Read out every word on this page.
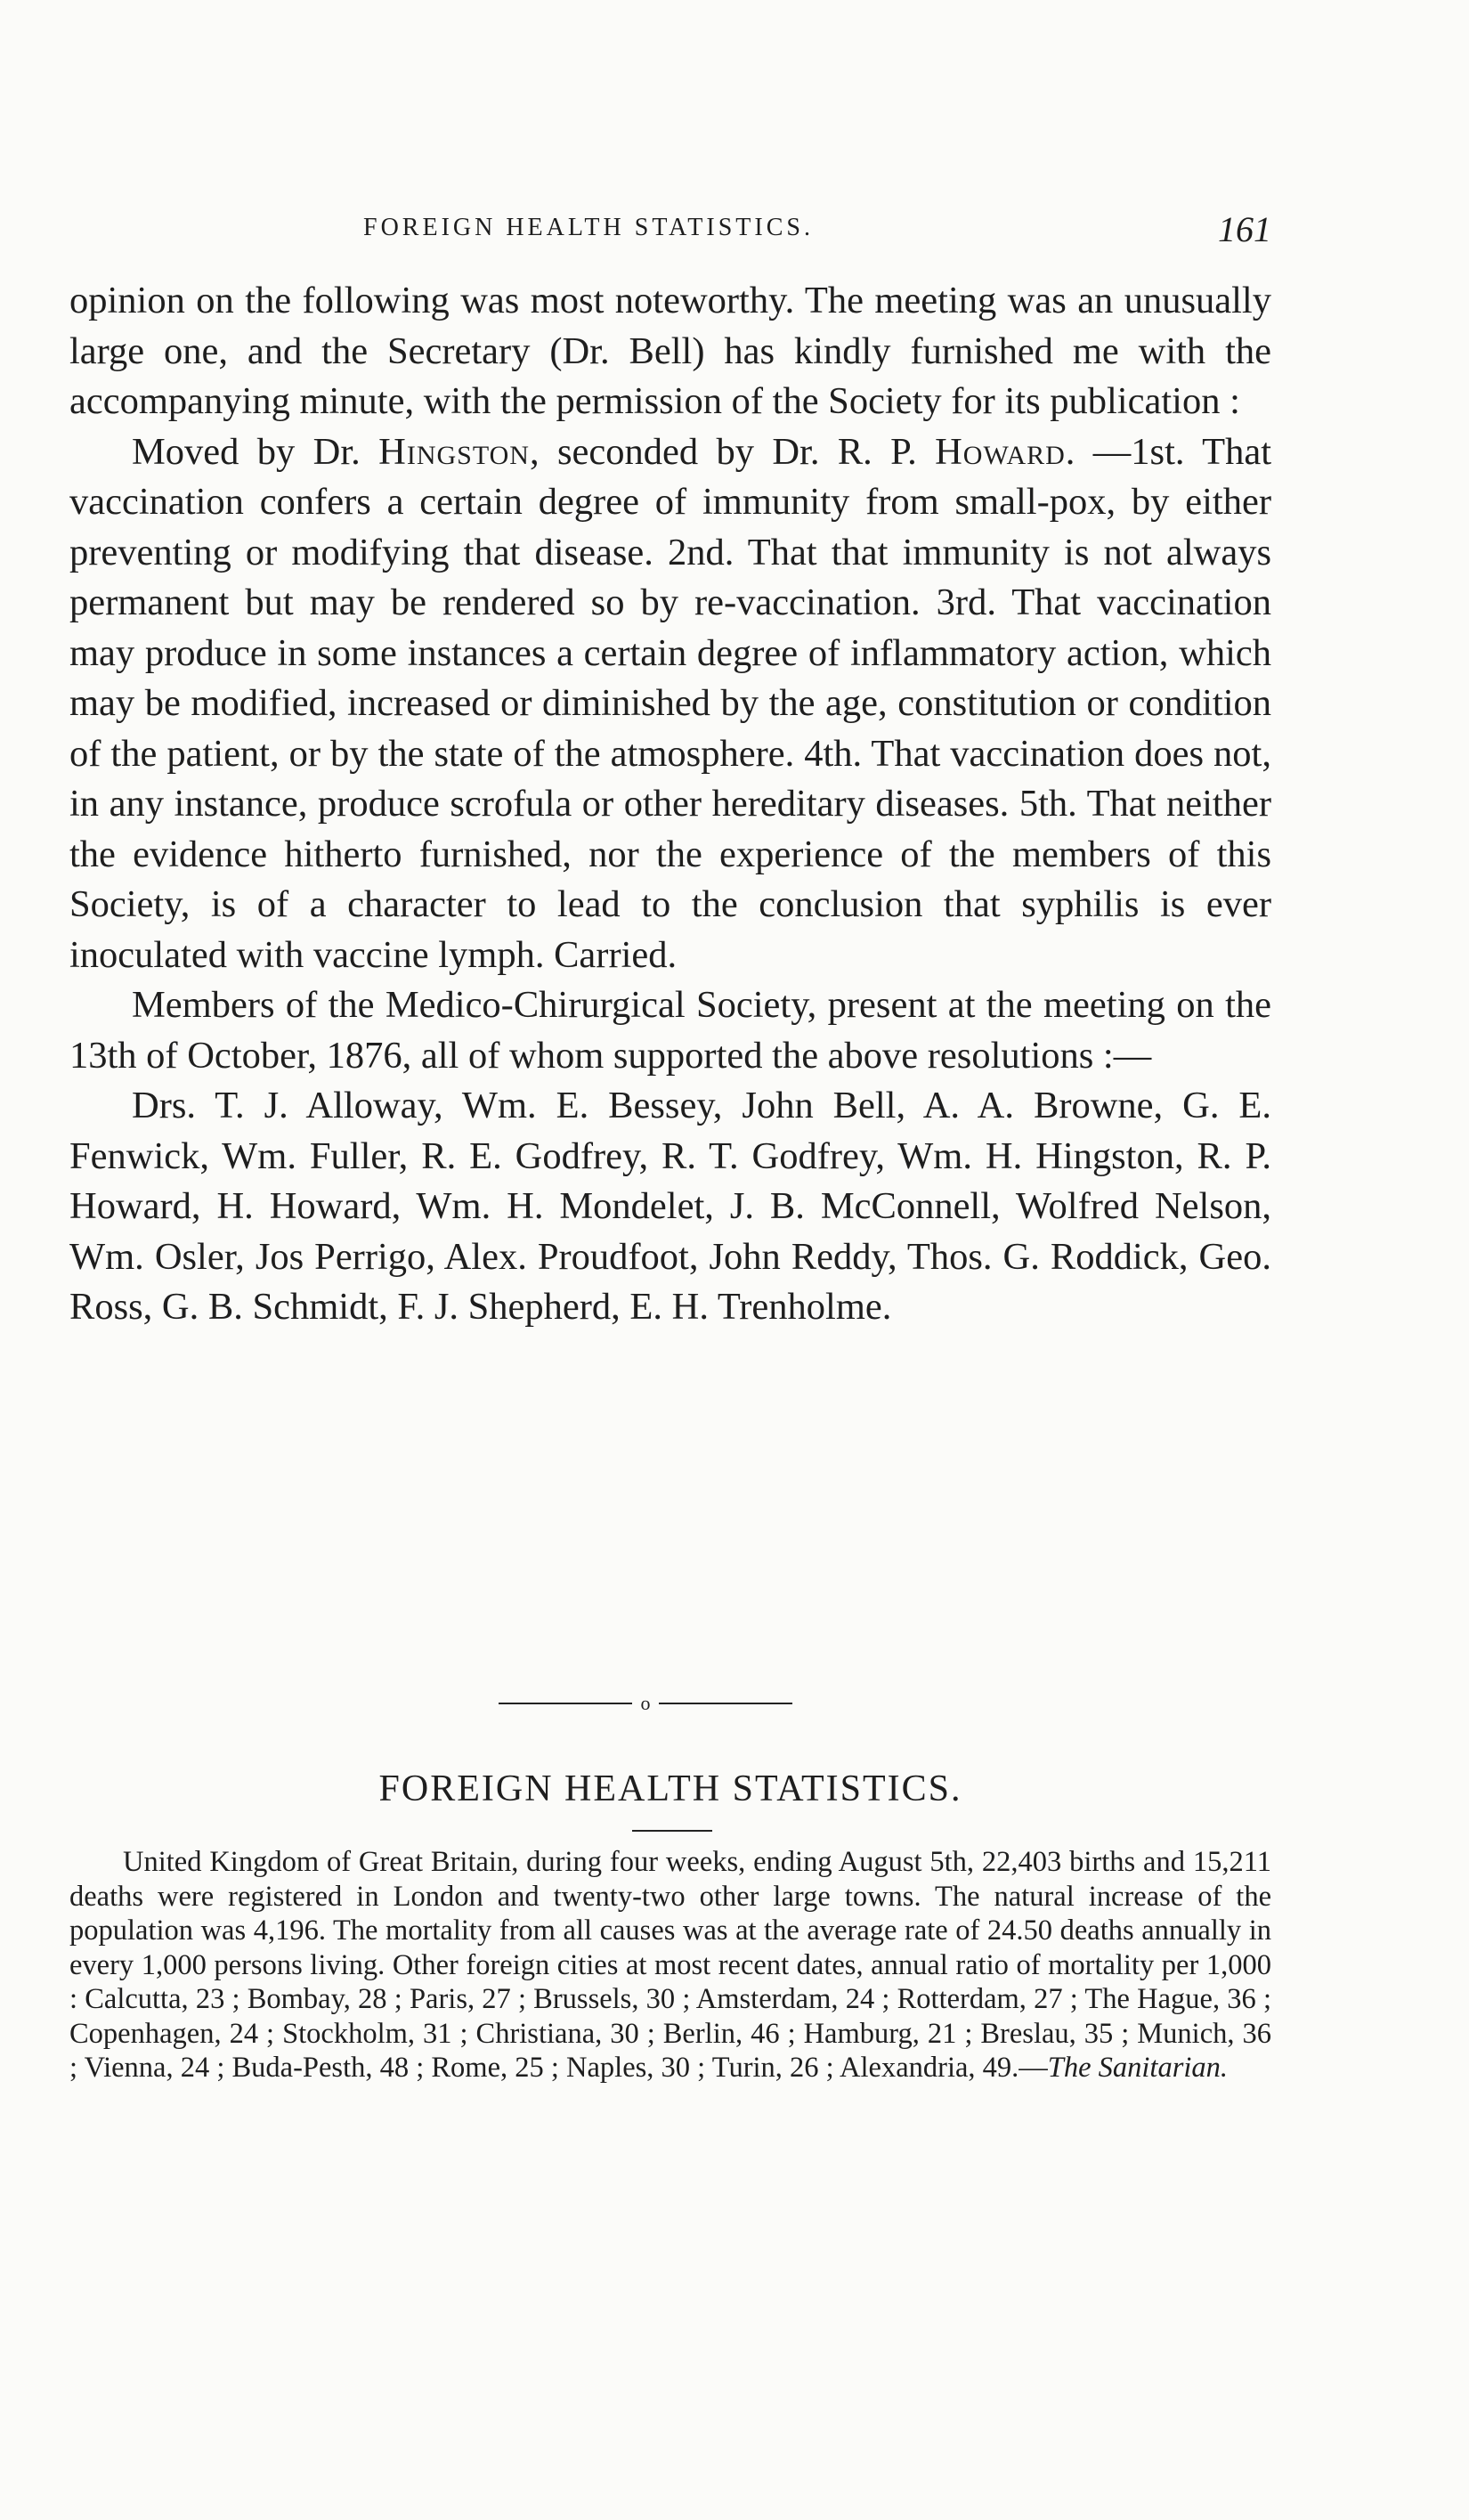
FOREIGN HEALTH STATISTICS.	161

opinion on the following was most noteworthy. The meeting was an unusually large one, and the Secretary (Dr. Bell) has kindly furnished me with the accompanying minute, with the permission of the Society for its publication :

Moved by Dr. Hingston, seconded by Dr. R. P. Howard. —1st. That vaccination confers a certain degree of immunity from small-pox, by either preventing or modifying that disease. 2nd. That that immunity is not always permanent but may be rendered so by re-vaccination. 3rd. That vaccination may produce in some instances a certain degree of inflammatory action, which may be modified, increased or diminished by the age, constitution or condition of the patient, or by the state of the atmosphere. 4th. That vaccination does not, in any instance, produce scrofula or other hereditary diseases. 5th. That neither the evidence hitherto furnished, nor the experience of the members of this Society, is of a character to lead to the conclusion that syphilis is ever inoculated with vaccine lymph. Carried.

Members of the Medico-Chirurgical Society, present at the meeting on the 13th of October, 1876, all of whom supported the above resolutions :—

Drs. T. J. Alloway, Wm. E. Bessey, John Bell, A. A. Browne, G. E. Fenwick, Wm. Fuller, R. E. Godfrey, R. T. Godfrey, Wm. H. Hingston, R. P. Howard, H. Howard, Wm. H. Mondelet, J. B. McConnell, Wolfred Nelson, Wm. Osler, Jos Perrigo, Alex. Proudfoot, John Reddy, Thos. G. Roddick, Geo. Ross, G. B. Schmidt, F. J. Shepherd, E. H. Trenholme.

o
FOREIGN HEALTH STATISTICS.

United Kingdom of Great Britain, during four weeks, ending August 5th, 22,403 births and 15,211 deaths were registered in London and twenty-two other large towns. The natural increase of the population was 4,196. The mortality from all causes was at the average rate of 24.50 deaths annually in every 1,000 persons living. Other foreign cities at most recent dates, annual ratio of mortality per 1,000 : Calcutta, 23 ; Bombay, 28 ; Paris, 27 ; Brussels, 30 ; Amsterdam, 24 ; Rotterdam, 27 ; The Hague, 36 ; Copenhagen, 24 ; Stockholm, 31 ; Christiana, 30 ; Berlin, 46 ; Hamburg, 21 ; Breslau, 35 ; Munich, 36 ; Vienna, 24 ; Buda-Pesth, 48 ; Rome, 25 ; Naples, 30 ; Turin, 26 ; Alexandria, 49.—The Sanitarian.
